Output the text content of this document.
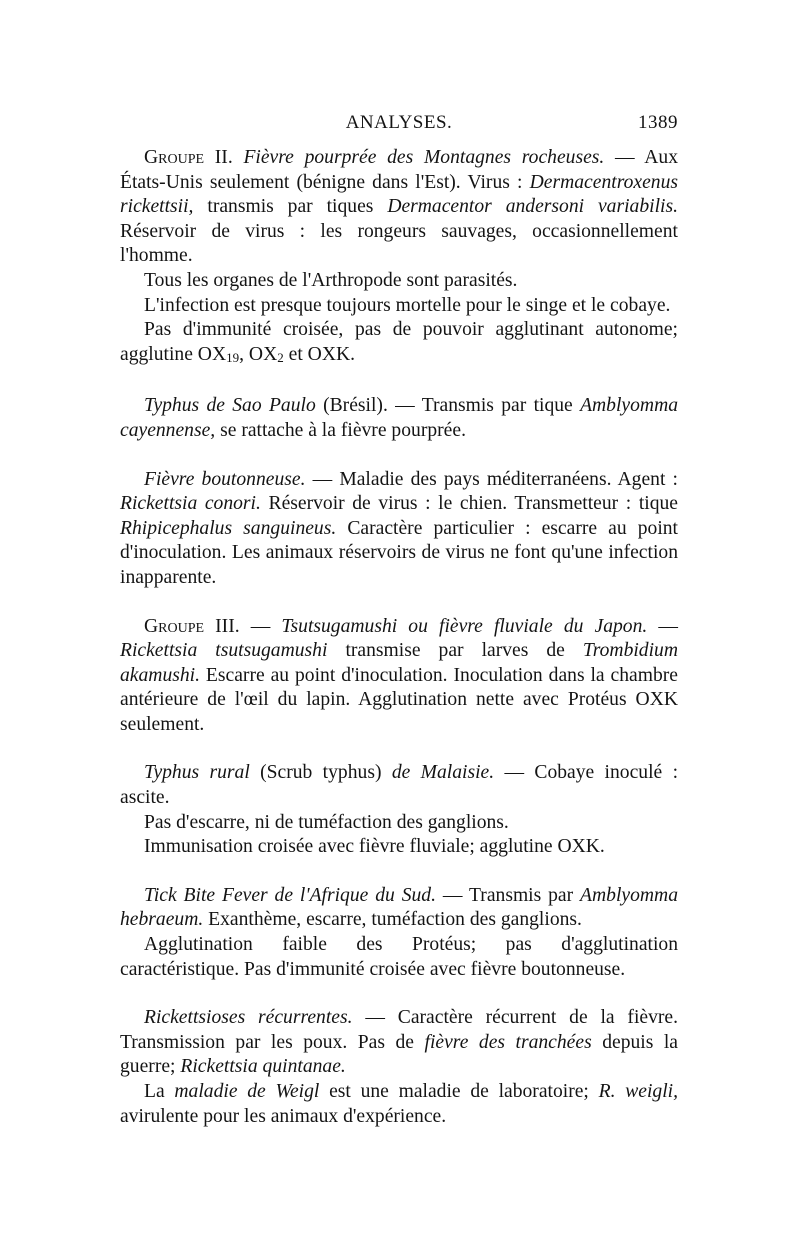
ANALYSES.	1389

Groupe II. Fièvre pourprée des Montagnes rocheuses. — Aux États-Unis seulement (bénigne dans l'Est). Virus : Dermacentroxenus rickettsii, transmis par tiques Dermacentor andersoni variabilis. Réservoir de virus : les rongeurs sauvages, occasionnellement l'homme.

Tous les organes de l'Arthropode sont parasités.

L'infection est presque toujours mortelle pour le singe et le cobaye.

Pas d'immunité croisée, pas de pouvoir agglutinant autonome; agglutine $OX_{19}$, $OX_2$ et OXK.

Typhus de Sao Paulo (Brésil). — Transmis par tique Amblyomma cayennense, se rattache à la fièvre pourprée.

Fièvre boutonneuse. — Maladie des pays méditerranéens. Agent : Rickettsia conori. Réservoir de virus : le chien. Transmetteur : tique Rhipicephalus sanguineus. Caractère particulier : escarre au point d'inoculation. Les animaux réservoirs de virus ne font qu'une infection inapparente.

Groupe III. — Tsutsugamushi ou fièvre fluviale du Japon. — Rickettsia tsutsugamushi transmise par larves de Trombidium akamushi. Escarre au point d'inoculation. Inoculation dans la chambre antérieure de l'œil du lapin. Agglutination nette avec Protéus OXK seulement.

Typhus rural (Scrub typhus) de Malaisie. — Cobaye inoculé : ascite.

Pas d'escarre, ni de tuméfaction des ganglions.

Immunisation croisée avec fièvre fluviale; agglutine OXK.

Tick Bite Fever de l'Afrique du Sud. — Transmis par Amblyomma hebraeum. Exanthème, escarre, tuméfaction des ganglions.

Agglutination faible des Protéus; pas d'agglutination caractéristique. Pas d'immunité croisée avec fièvre boutonneuse.

Rickettsioses récurrentes. — Caractère récurrent de la fièvre. Transmission par les poux. Pas de fièvre des tranchées depuis la guerre; Rickettsia quintanae.

La maladie de Weigl est une maladie de laboratoire; R. weigli, avirulente pour les animaux d'expérience.
